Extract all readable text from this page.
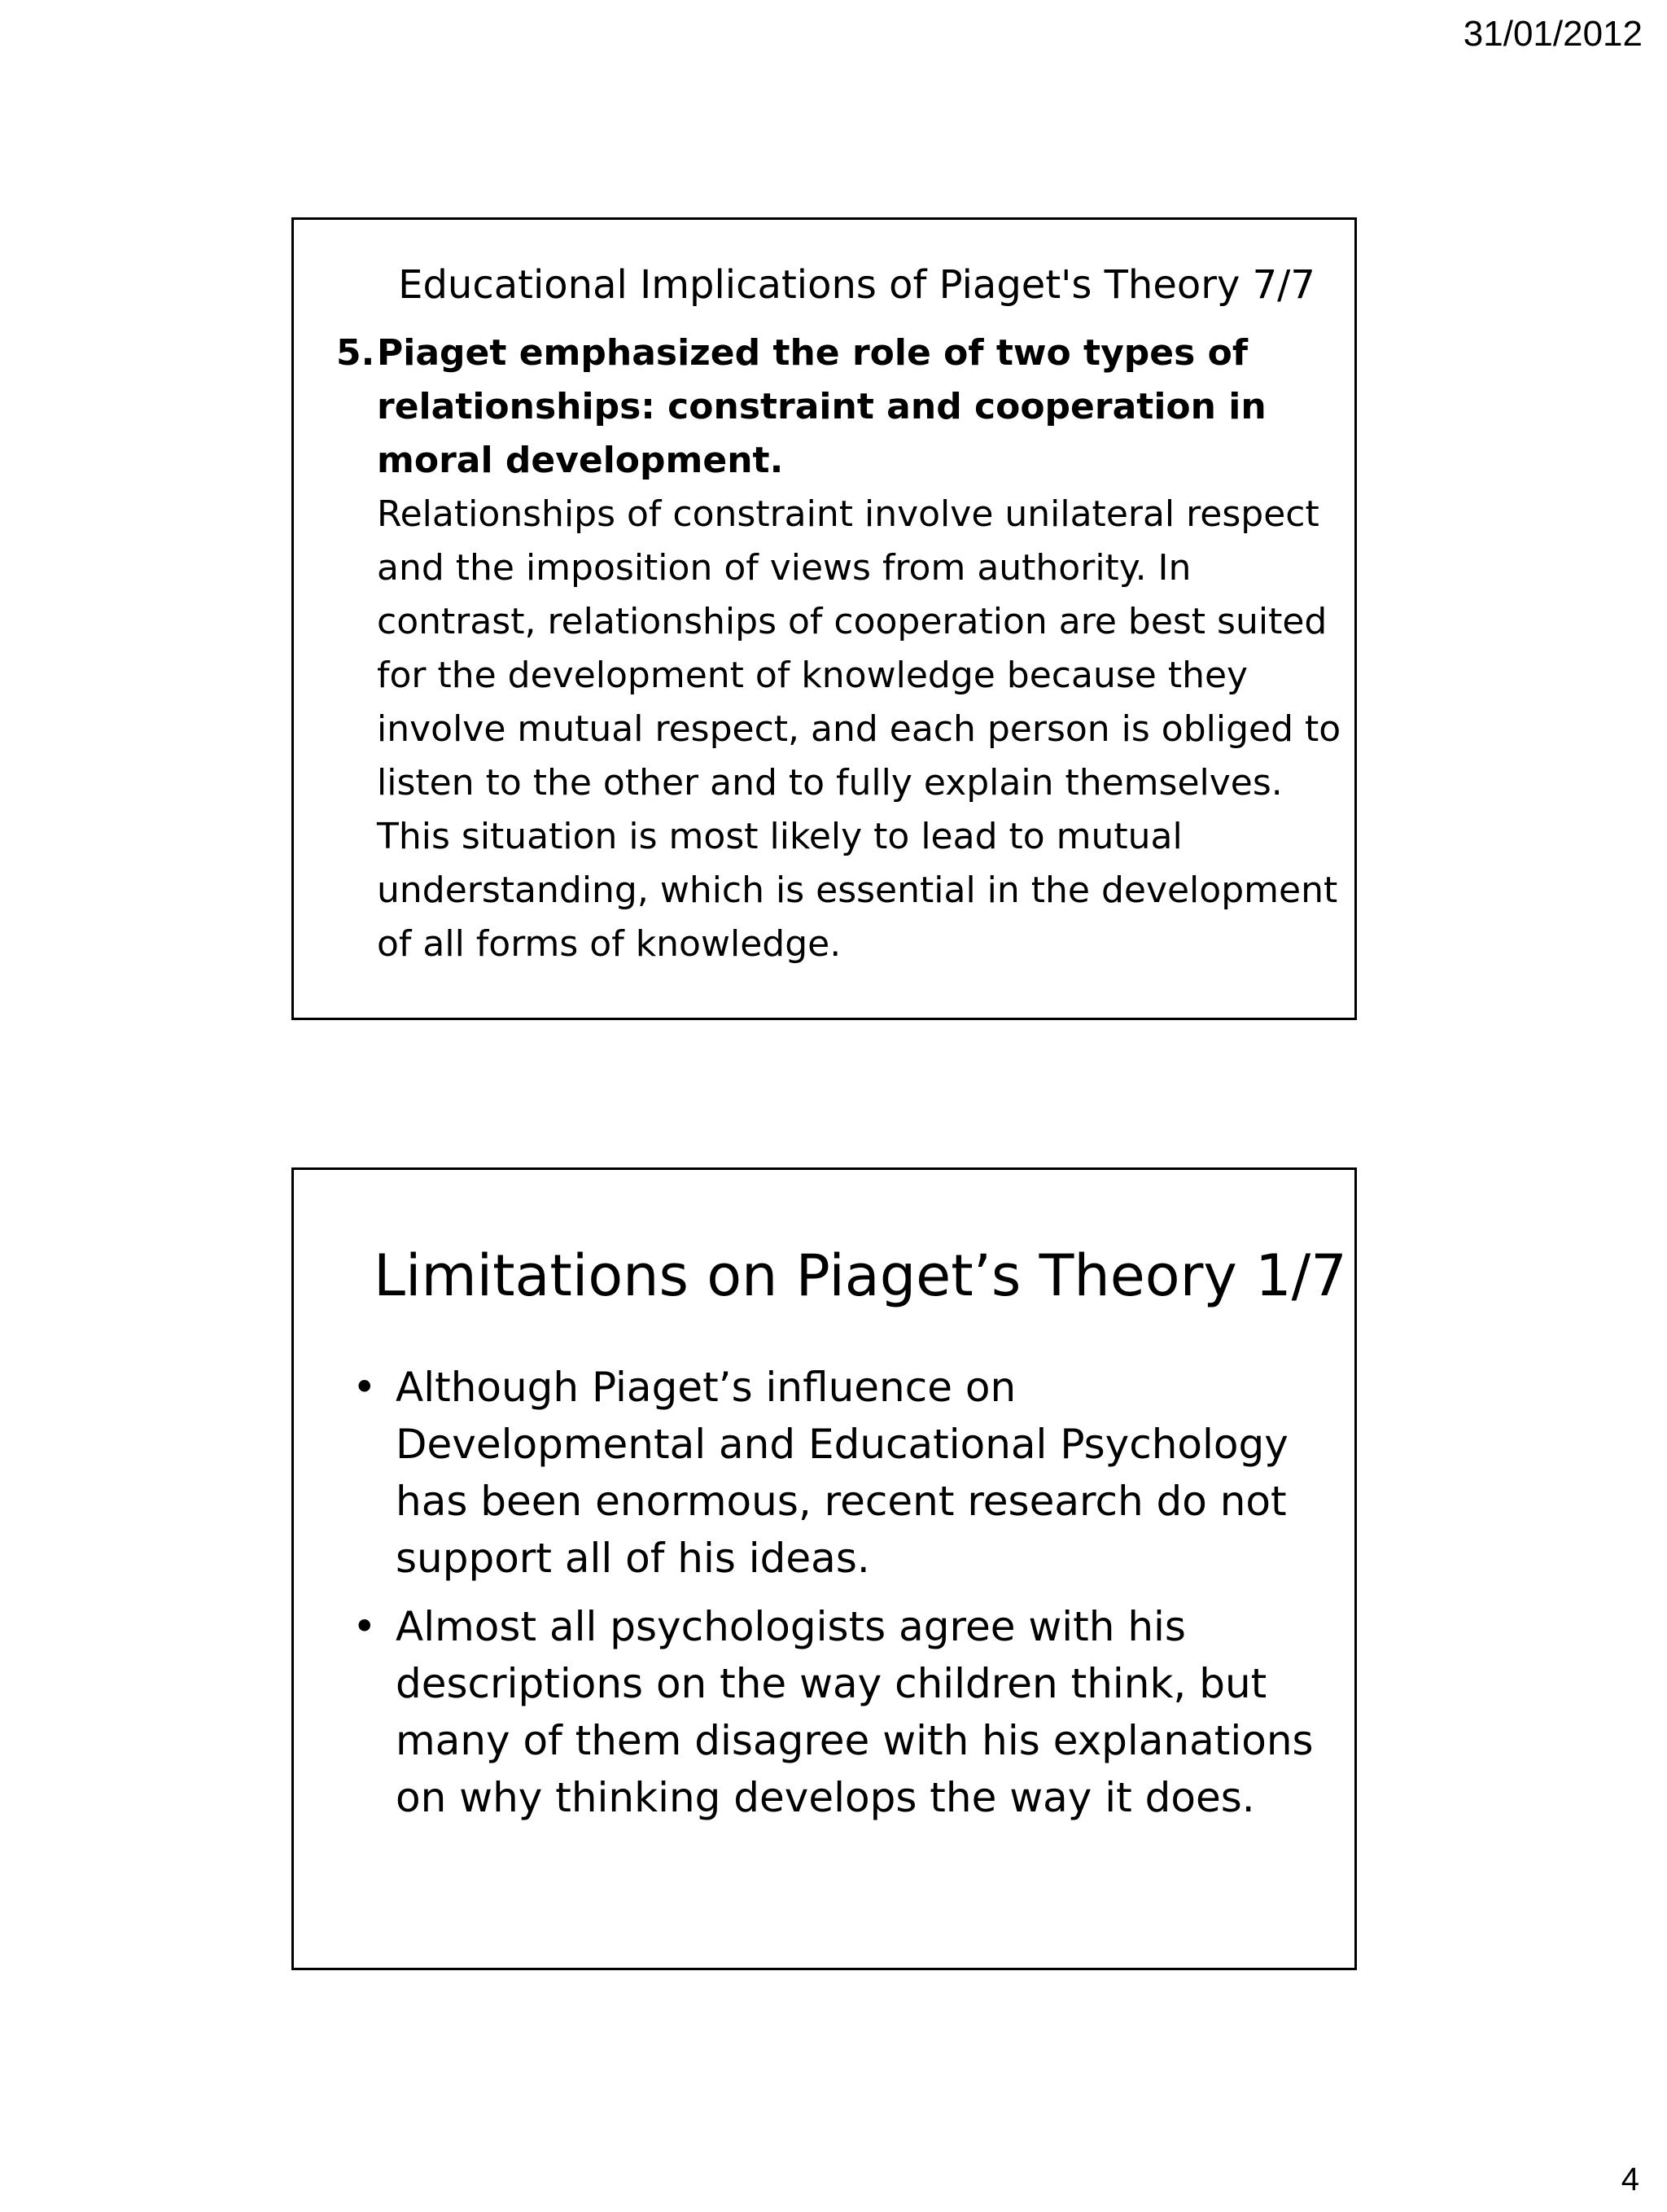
31/01/2012
Educational Implications of Piaget's Theory 7/7
5. Piaget emphasized the role of two types of relationships: constraint and cooperation in moral development.
Relationships of constraint involve unilateral respect and the imposition of views from authority. In contrast, relationships of cooperation are best suited for the development of knowledge because they involve mutual respect, and each person is obliged to listen to the other and to fully explain themselves. This situation is most likely to lead to mutual understanding, which is essential in the development of all forms of knowledge.
Limitations on Piaget’s Theory 1/7
• Although Piaget’s influence on Developmental and Educational Psychology has been enormous, recent research do not support all of his ideas.
• Almost all psychologists agree with his descriptions on the way children think, but many of them disagree with his explanations on why thinking develops the way it does.
4
